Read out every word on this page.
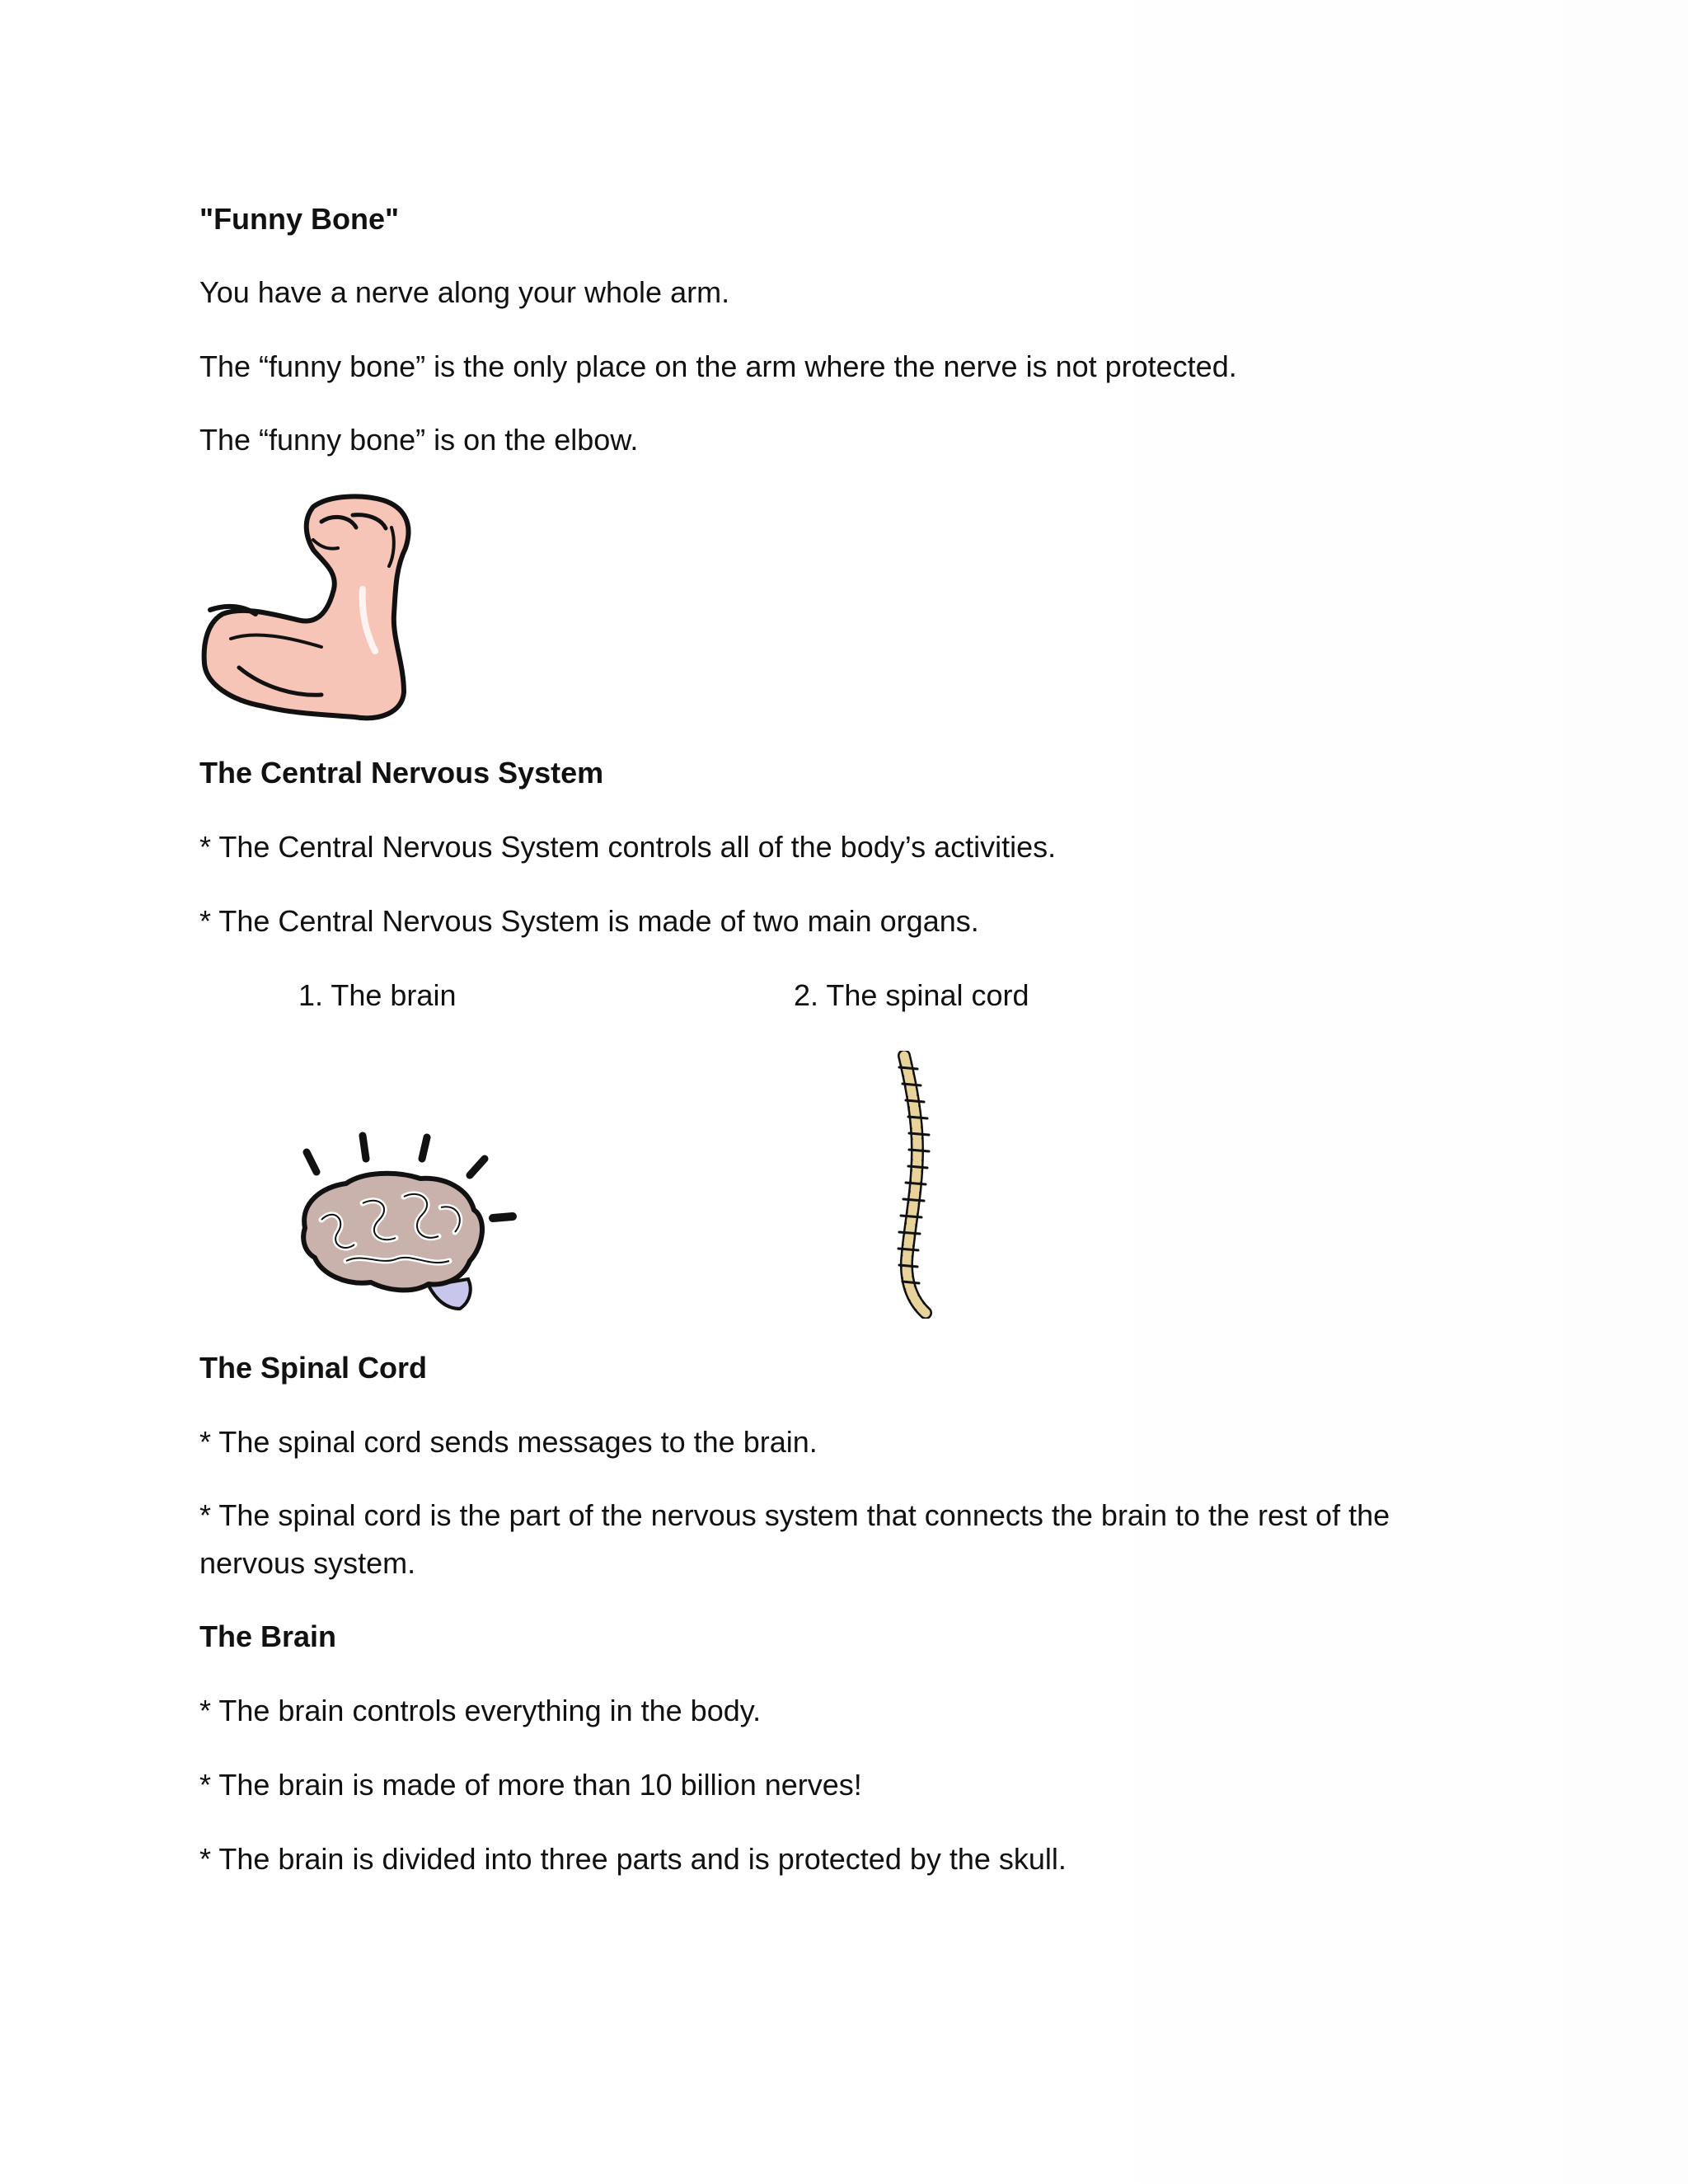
"Funny Bone"
You have a nerve along your whole arm.
The “funny bone” is the only place on the arm where the nerve is not protected.
The “funny bone” is on the elbow.
The Central Nervous System
* The Central Nervous System controls all of the body’s activities.
* The Central Nervous System is made of two main organs.
1. The brain	2. The spinal cord
The Spinal Cord
* The spinal cord sends messages to the brain.
* The spinal cord is the part of the nervous system that connects the brain to the rest of the nervous system.
The Brain
* The brain controls everything in the body.
* The brain is made of more than 10 billion nerves!
* The brain is divided into three parts and is protected by the skull.
